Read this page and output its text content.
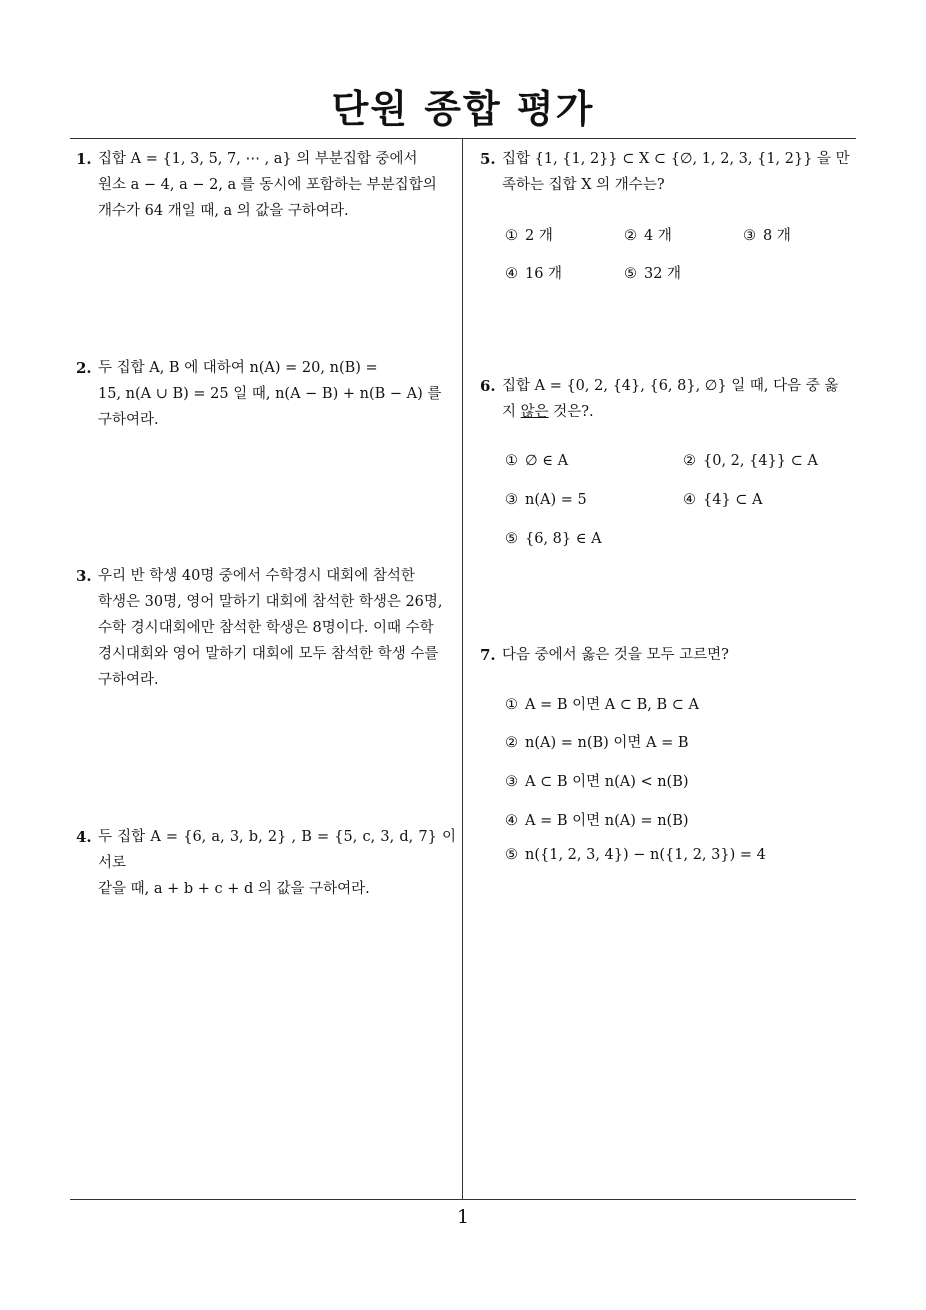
단원 종합 평가
1
1. 집합 A = {1, 3, 5, 7, ⋯ , a} 의 부분집합 중에서
원소 a − 4, a − 2, a 를 동시에 포함하는 부분집합의
개수가 64 개일 때, a 의 값을 구하여라.
2. 두 집합 A, B 에 대하여 n(A) = 20, n(B) =
15, n(A ∪ B) = 25 일 때, n(A − B) + n(B − A) 를
구하여라.
3. 우리 반 학생 40명 중에서 수학경시 대회에 참석한
학생은 30명, 영어 말하기 대회에 참석한 학생은 26명,
수학 경시대회에만 참석한 학생은 8명이다. 이때 수학
경시대회와 영어 말하기 대회에 모두 참석한 학생 수를
구하여라.
4. 두 집합 A = {6, a, 3, b, 2} , B = {5, c, 3, d, 7} 이 서로
같을 때, a + b + c + d 의 값을 구하여라.
5. 집합 {1, {1, 2}} ⊂ X ⊂ {∅, 1, 2, 3, {1, 2}} 을 만
족하는 집합 X 의 개수는?
① 2 개	② 4 개	③ 8 개
④ 16 개	⑤ 32 개
6. 집합 A = {0, 2, {4}, {6, 8}, ∅} 일 때, 다음 중 옳
지 않은 것은?.
① ∅ ∈ A	② {0, 2, {4}} ⊂ A
③ n(A) = 5	④ {4} ⊂ A
⑤ {6, 8} ∈ A
7. 다음 중에서 옳은 것을 모두 고르면?
① A = B 이면 A ⊂ B, B ⊂ A
② n(A) = n(B) 이면 A = B
③ A ⊂ B 이면 n(A) < n(B)
④ A = B 이면 n(A) = n(B)
⑤ n({1, 2, 3, 4}) − n({1, 2, 3}) = 4
